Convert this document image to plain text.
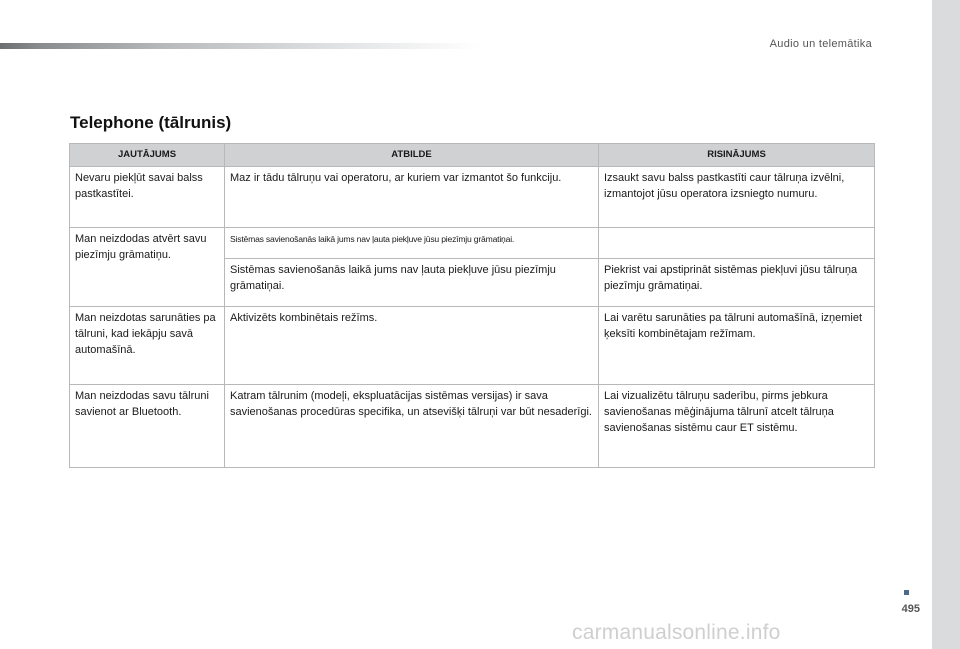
Audio un telemātika
Telephone (tālrunis)
JAUTĀJUMS	ATBILDE	RISINĀJUMS
Nevaru piekļūt savai balss pastkastītei.	Maz ir tādu tālruņu vai operatoru, ar kuriem var izmantot šo funkciju.	Izsaukt savu balss pastkastīti caur tālruņa izvēlni, izmantojot jūsu operatora izsniegto numuru.
Man neizdodas atvērt savu piezīmju grāmatiņu.	Sistēmas savienošanās laikā jums nav ļauta piekļuve jūsu piezīmju grāmatiņai.	
	Sistēmas savienošanās laikā jums nav ļauta piekļuve jūsu piezīmju grāmatiņai.	Piekrist vai apstiprināt sistēmas piekļuvi jūsu tālruņa piezīmju grāmatiņai.
Man neizdotas sarunāties pa tālruni, kad iekāpju savā automašīnā.	Aktivizēts kombinētais režīms.	Lai varētu sarunāties pa tālruni automašīnā, izņemiet ķeksīti kombinētajam režīmam.
Man neizdodas savu tālruni savienot ar Bluetooth.	Katram tālrunim (modeļi, ekspluatācijas sistēmas versijas) ir sava savienošanas procedūras specifika, un atsevišķi tālruņi var būt nesaderīgi.	Lai vizualizētu tālruņu saderību, pirms jebkura savienošanas mēģinājuma tālrunī atcelt tālruņa savienošanas sistēmu caur ET sistēmu.
495
carmanualsonline.info
